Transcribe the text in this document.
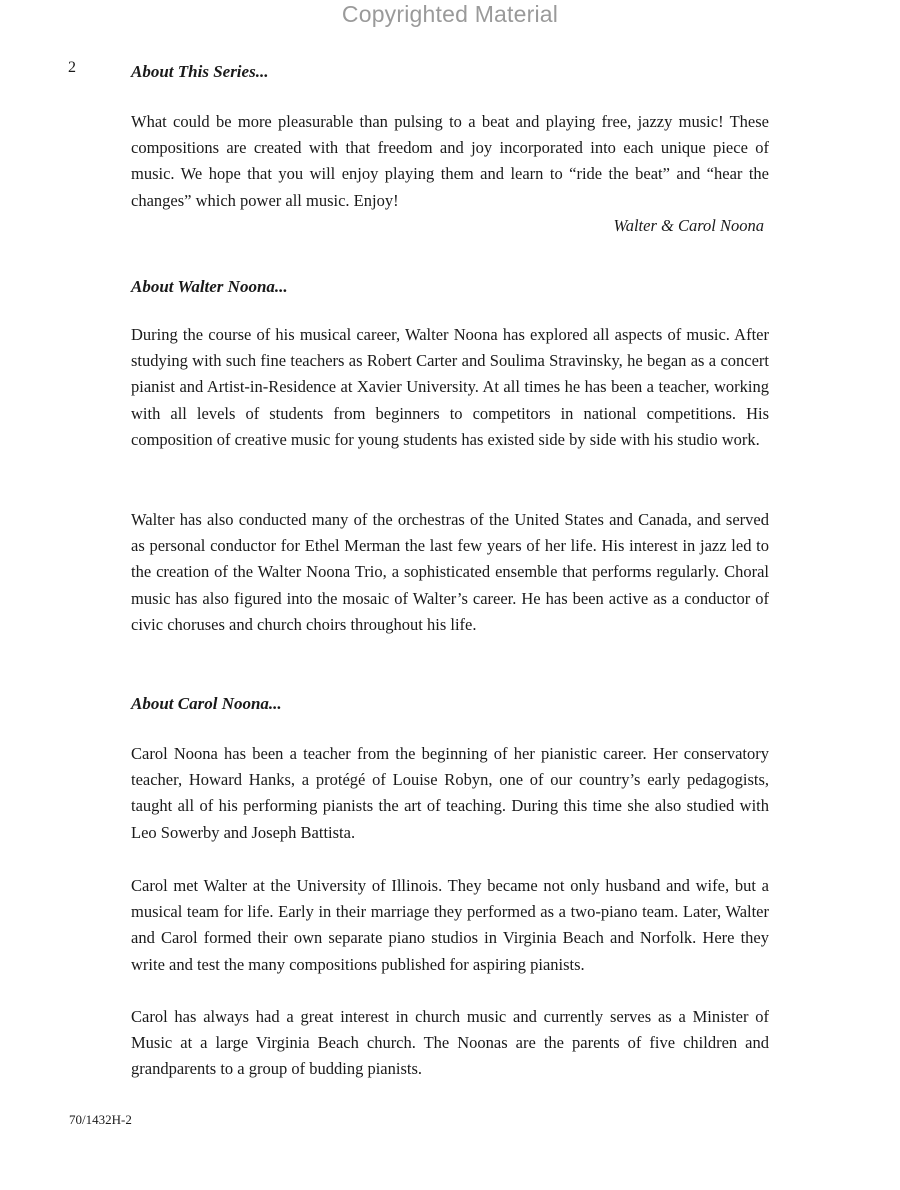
Copyrighted Material
2	About This Series...

What could be more pleasurable than pulsing to a beat and playing free, jazzy music! These compositions are created with that freedom and joy incorporated into each unique piece of music. We hope that you will enjoy playing them and learn to “ride the beat” and “hear the changes” which power all music. Enjoy!

Walter & Carol Noona
About Walter Noona...

During the course of his musical career, Walter Noona has explored all aspects of music. After studying with such fine teachers as Robert Carter and Soulima Stravinsky, he began as a concert pianist and Artist-in-Residence at Xavier University. At all times he has been a teacher, working with all levels of students from beginners to competitors in national competitions. His composition of creative music for young students has existed side by side with his studio work.

Walter has also conducted many of the orchestras of the United States and Canada, and served as personal conductor for Ethel Merman the last few years of her life. His interest in jazz led to the creation of the Walter Noona Trio, a sophisticated ensemble that performs regularly. Choral music has also figured into the mosaic of Walter’s career. He has been active as a conductor of civic choruses and church choirs throughout his life.

About Carol Noona...

Carol Noona has been a teacher from the beginning of her pianistic career. Her conservatory teacher, Howard Hanks, a protégé of Louise Robyn, one of our country’s early pedagogists, taught all of his performing pianists the art of teaching. During this time she also studied with Leo Sowerby and Joseph Battista.

Carol met Walter at the University of Illinois. They became not only husband and wife, but a musical team for life. Early in their marriage they performed as a two-piano team. Later, Walter and Carol formed their own separate piano studios in Virginia Beach and Norfolk. Here they write and test the many compositions published for aspiring pianists.

Carol has always had a great interest in church music and currently serves as a Minister of Music at a large Virginia Beach church. The Noonas are the parents of five children and grandparents to a group of budding pianists.

70/1432H-2
